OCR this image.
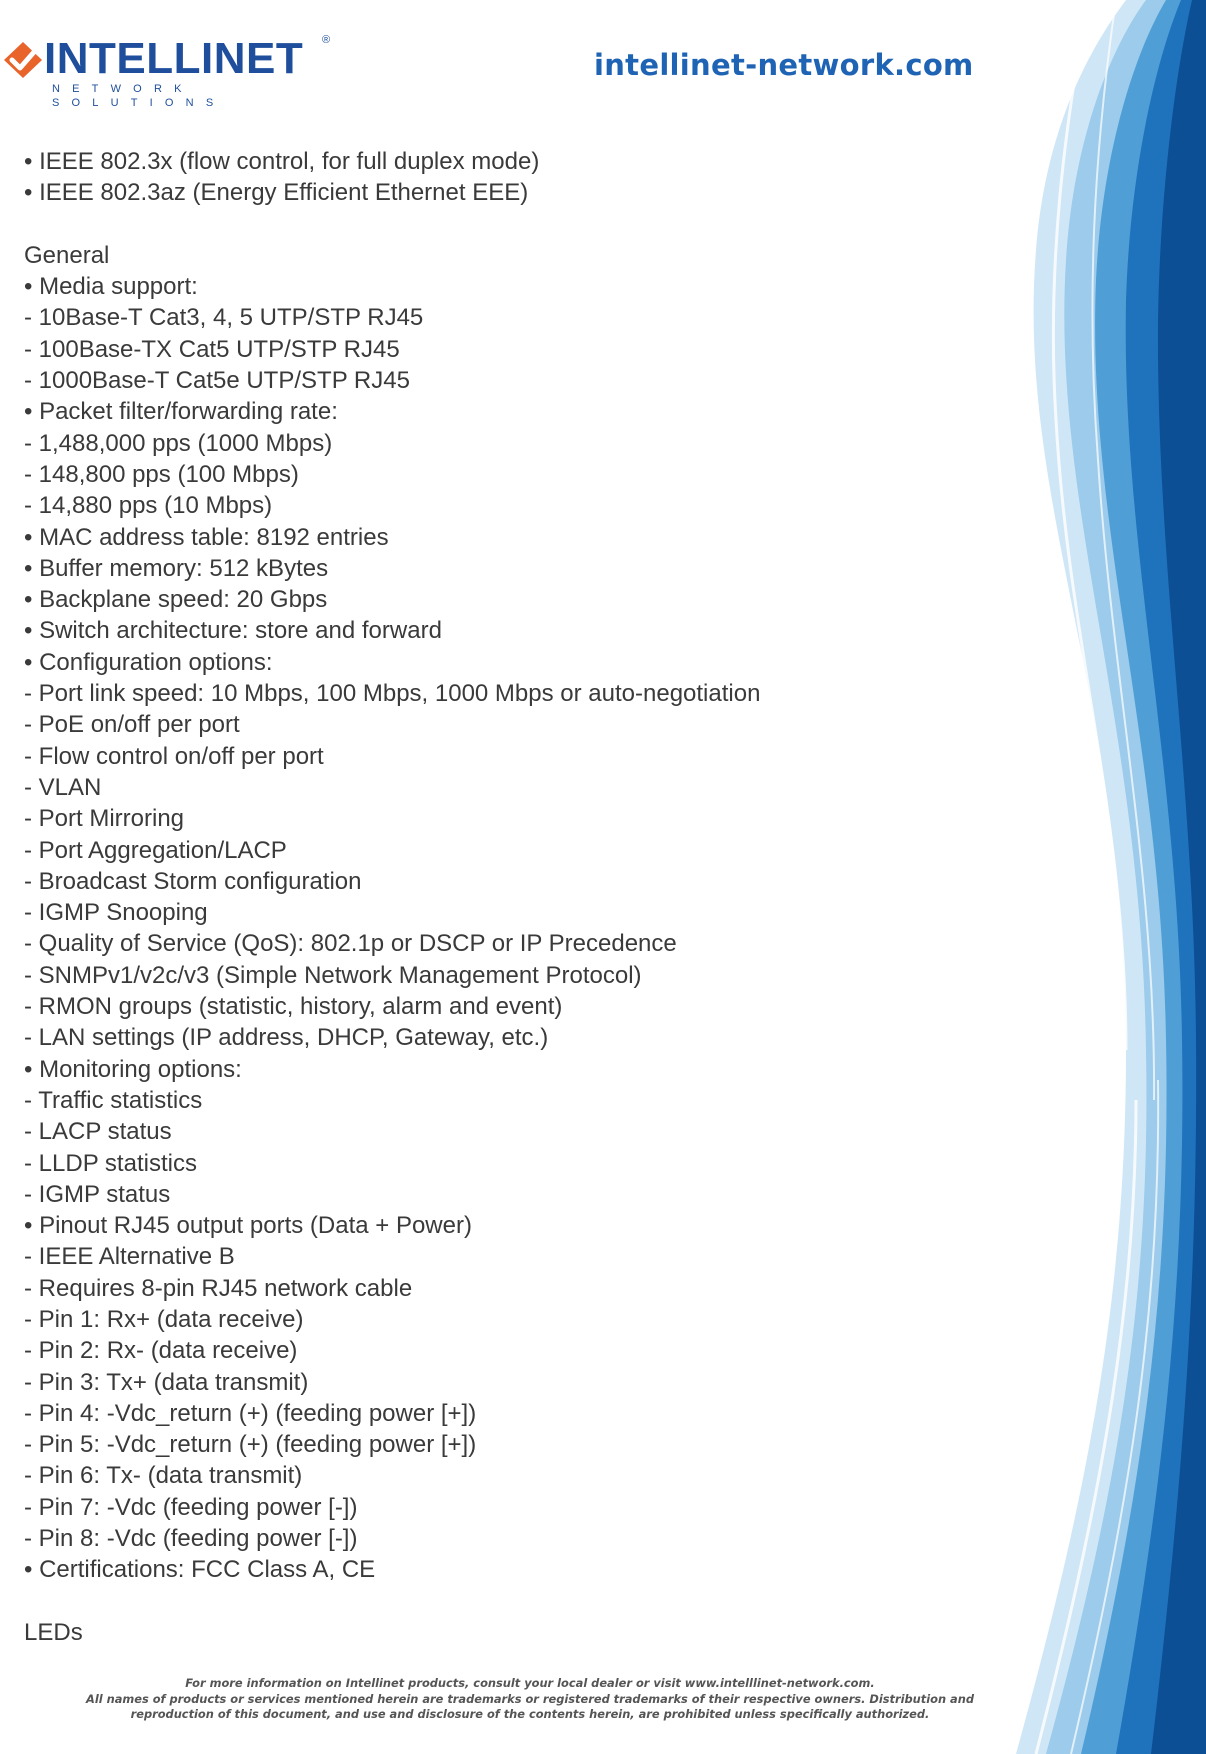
INTELLINET ®
NETWORK SOLUTIONS
intellinet-network.com
• IEEE 802.3x (flow control, for full duplex mode)
• IEEE 802.3az (Energy Efficient Ethernet EEE)
General
• Media support:
- 10Base-T Cat3, 4, 5 UTP/STP RJ45
- 100Base-TX Cat5 UTP/STP RJ45
- 1000Base-T Cat5e UTP/STP RJ45
• Packet filter/forwarding rate:
- 1,488,000 pps (1000 Mbps)
- 148,800 pps (100 Mbps)
- 14,880 pps (10 Mbps)
• MAC address table: 8192 entries
• Buffer memory: 512 kBytes
• Backplane speed: 20 Gbps
• Switch architecture: store and forward
• Configuration options:
- Port link speed: 10 Mbps, 100 Mbps, 1000 Mbps or auto-negotiation
- PoE on/off per port
- Flow control on/off per port
- VLAN
- Port Mirroring
- Port Aggregation/LACP
- Broadcast Storm configuration
- IGMP Snooping
- Quality of Service (QoS): 802.1p or DSCP or IP Precedence
- SNMPv1/v2c/v3 (Simple Network Management Protocol)
- RMON groups (statistic, history, alarm and event)
- LAN settings (IP address, DHCP, Gateway, etc.)
• Monitoring options:
- Traffic statistics
- LACP status
- LLDP statistics
- IGMP status
• Pinout RJ45 output ports (Data + Power)
- IEEE Alternative B
- Requires 8-pin RJ45 network cable
- Pin 1: Rx+ (data receive)
- Pin 2: Rx- (data receive)
- Pin 3: Tx+ (data transmit)
- Pin 4: -Vdc_return (+) (feeding power [+])
- Pin 5: -Vdc_return (+) (feeding power [+])
- Pin 6: Tx- (data transmit)
- Pin 7: -Vdc (feeding power [-])
- Pin 8: -Vdc (feeding power [-])
• Certifications: FCC Class A, CE
LEDs
For more information on Intellinet products, consult your local dealer or visit www.intelllinet-network.com.
All names of products or services mentioned herein are trademarks or registered trademarks of their respective owners. Distribution and
reproduction of this document, and use and disclosure of the contents herein, are prohibited unless specifically authorized.
